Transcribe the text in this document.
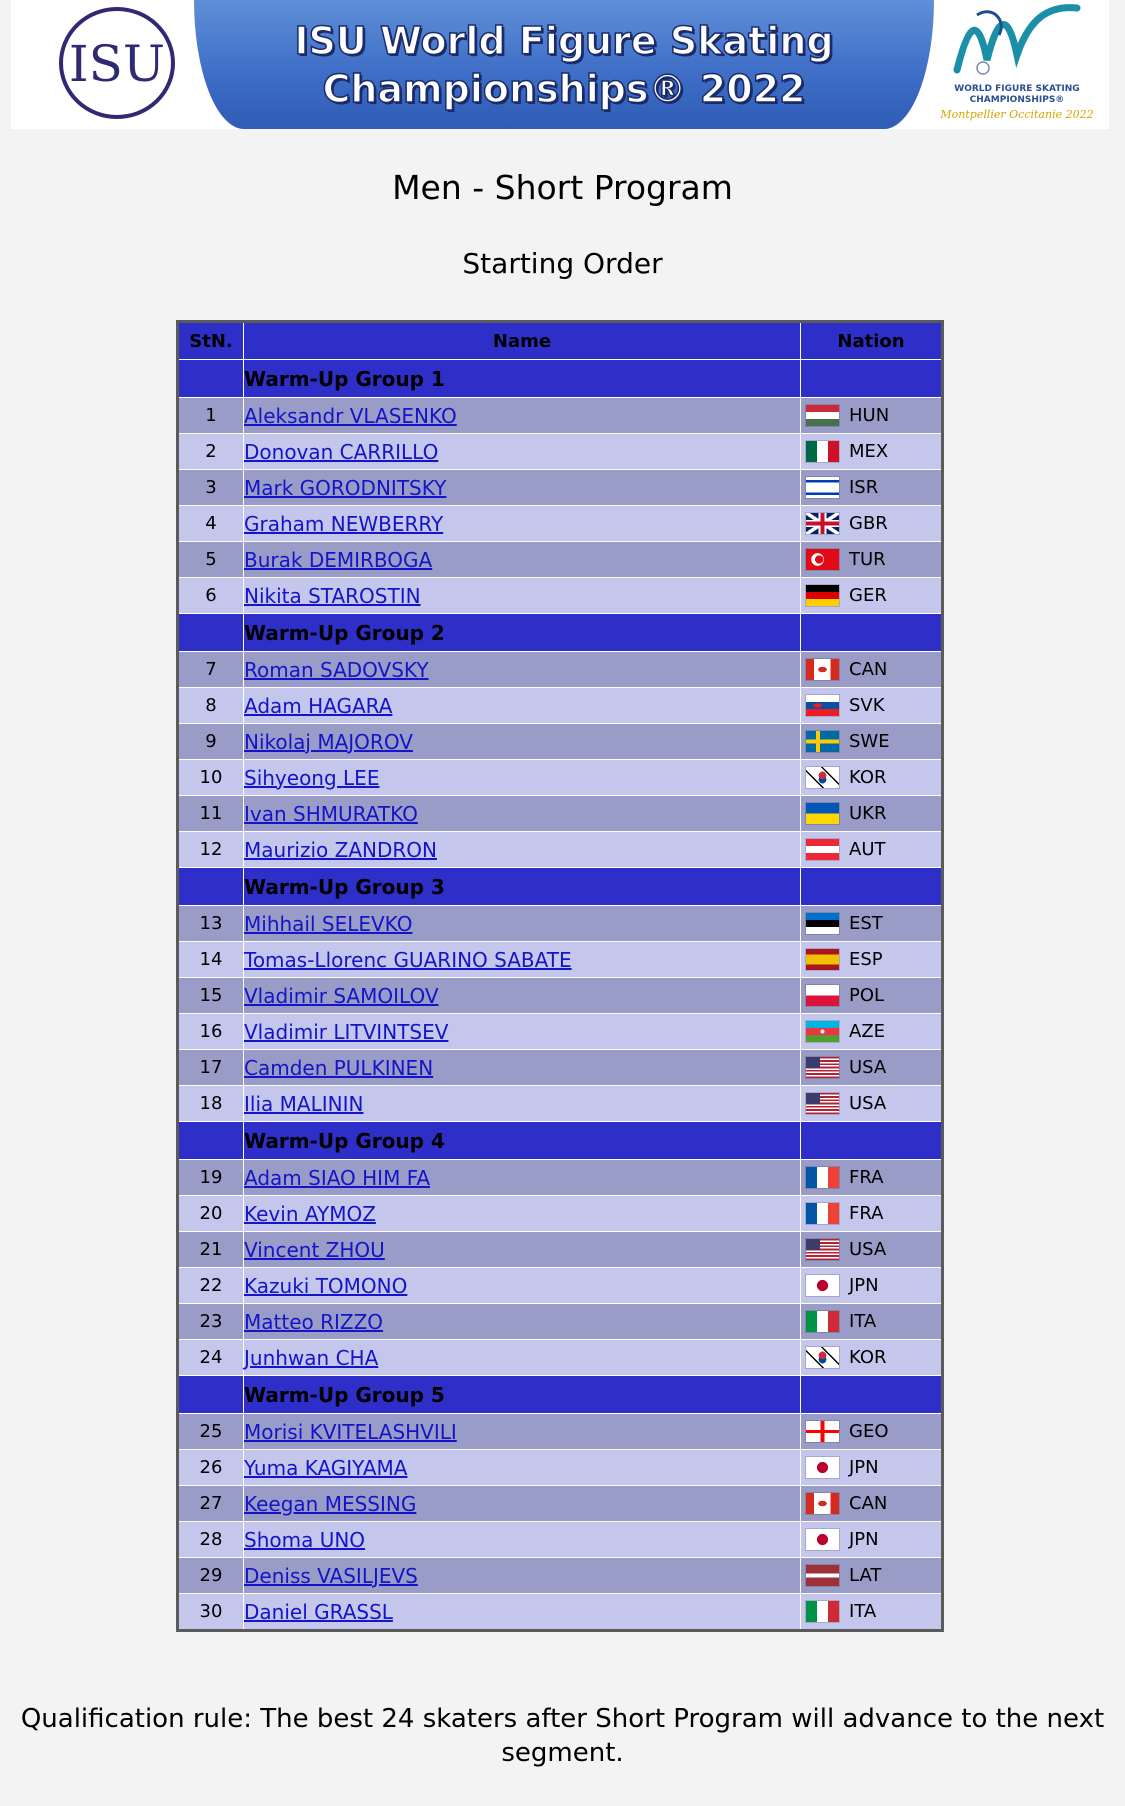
ISU	ISU World Figure Skating
Championships® 2022	WORLD FIGURE SKATING
CHAMPIONSHIPS®
Montpellier Occitanie 2022
Men - Short Program
Starting Order
StN.	Name	Nation
	Warm-Up Group 1	
1	Aleksandr VLASENKO	HUN

2	Donovan CARRILLO	MEX

3	Mark GORODNITSKY	ISR

4	Graham NEWBERRY	GBR

5	Burak DEMIRBOGA	TUR

6	Nikita STAROSTIN	GER

	Warm-Up Group 2	
7	Roman SADOVSKY	CAN

8	Adam HAGARA	SVK

9	Nikolaj MAJOROV	SWE

10	Sihyeong LEE	KOR

11	Ivan SHMURATKO	UKR

12	Maurizio ZANDRON	AUT

	Warm-Up Group 3	
13	Mihhail SELEVKO	EST

14	Tomas-Llorenc GUARINO SABATE	ESP

15	Vladimir SAMOILOV	POL

16	Vladimir LITVINTSEV	AZE

17	Camden PULKINEN	USA

18	Ilia MALININ	USA

	Warm-Up Group 4	
19	Adam SIAO HIM FA	FRA

20	Kevin AYMOZ	FRA

21	Vincent ZHOU	USA

22	Kazuki TOMONO	JPN

23	Matteo RIZZO	ITA

24	Junhwan CHA	KOR

	Warm-Up Group 5	
25	Morisi KVITELASHVILI	GEO

26	Yuma KAGIYAMA	JPN

27	Keegan MESSING	CAN

28	Shoma UNO	JPN

29	Deniss VASILJEVS	LAT

30	Daniel GRASSL	ITA
Qualification rule: The best 24 skaters after Short Program will advance to the next segment.
